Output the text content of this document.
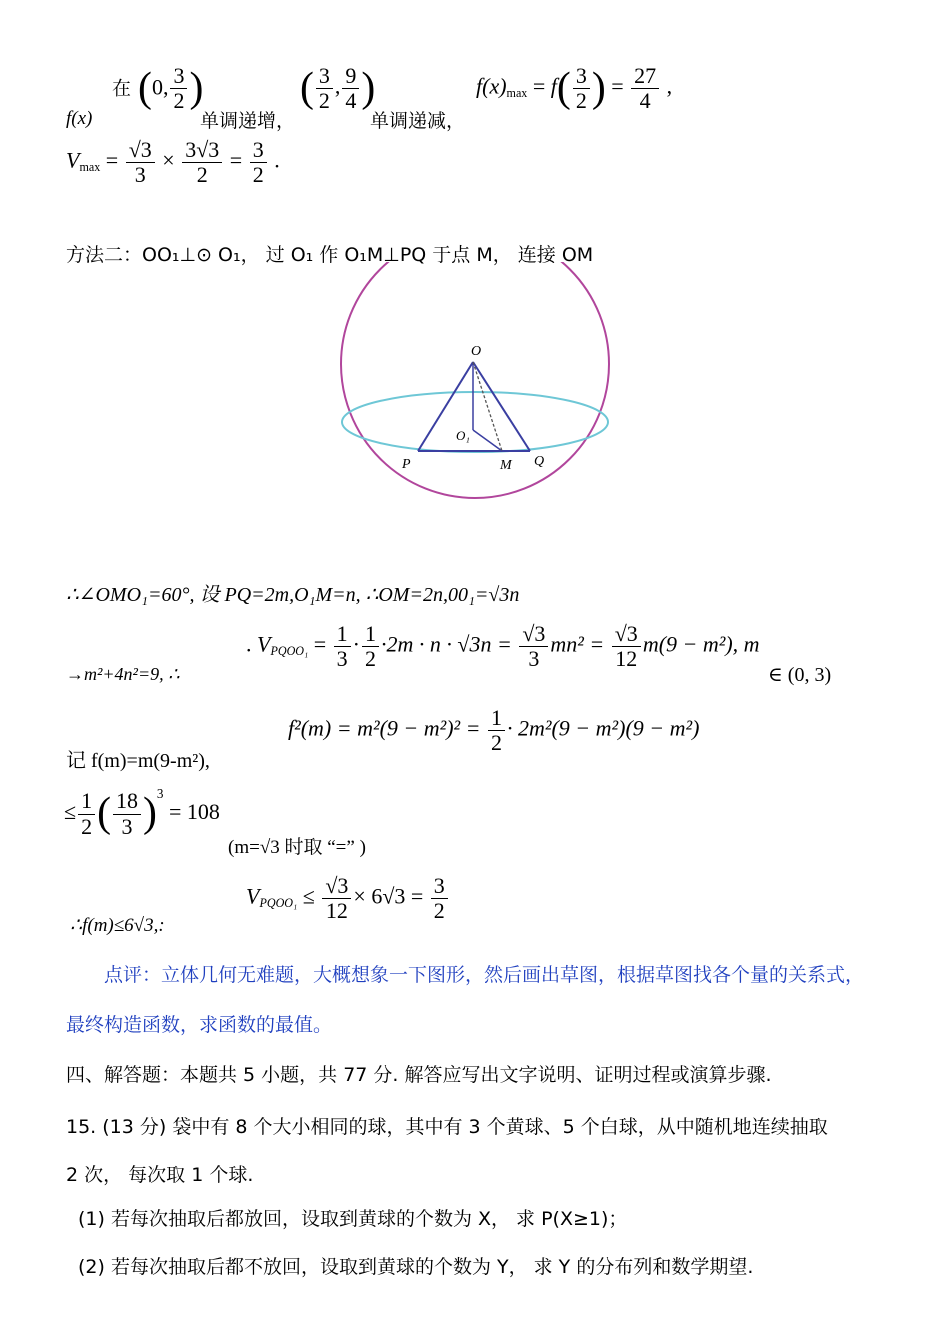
f(x)
在 (0, $\frac{3}{2}$ )
单调递增，
( $\frac{3}{2}$ , $\frac{9}{4}$ )
单调递减，
$f(x)_{max} = f( \frac{3}{2}$ ) = $\frac{27}{4}$ ,
$V_{max} = \frac{√3}{3} \times \frac{3√3}{2} = \frac{3}{2}$ .
方法二：OO₁⊥⊙ O₁， 过 O₁ 作 O₁M⊥PQ 于点 M， 连接 OM
O
O₁
P	M Q
∴∠OMO₁=60°, 设 PQ=2m,O₁M=n, ∴OM=2n,00₁=√3n
→m²+4n²=9, ∴
. $V_{PQOO_1} = \frac{1}{3} \cdot \frac{1}{2} \cdot 2m \cdot n \cdot √3n = \frac{√3}{3} mn^2 = \frac{√3}{12} m(9 - m^2)$, m
∈ (0, 3)
记 f(m)=m(9-m²),
$f^2(m) = m^2(9 - m^2)^2 = \frac{1}{2} \cdot 2m^2(9 - m^2)(9 - m^2)$
≤ $\frac{1}{2}$ ( $\frac{18}{3} )^3 = 108$
(m=√3 时取 “=” )
∴f(m)≤6√3,:
$V_{PQOO_1} \le \frac{√3}{12} \times 6√3 = \frac{3}{2}$
点评：立体几何无难题，大概想象一下图形，然后画出草图，根据草图找各个量的关系式，
最终构造函数，求函数的最值。
四、解答题：本题共 5 小题，共 77 分. 解答应写出文字说明、证明过程或演算步骤.
15. (13 分) 袋中有 8 个大小相同的球，其中有 3 个黄球、5 个白球，从中随机地连续抽取
2 次， 每次取 1 个球.
(1) 若每次抽取后都放回，设取到黄球的个数为 X， 求 P(X≥1)；
(2) 若每次抽取后都不放回，设取到黄球的个数为 Y， 求 Y 的分布列和数学期望.
